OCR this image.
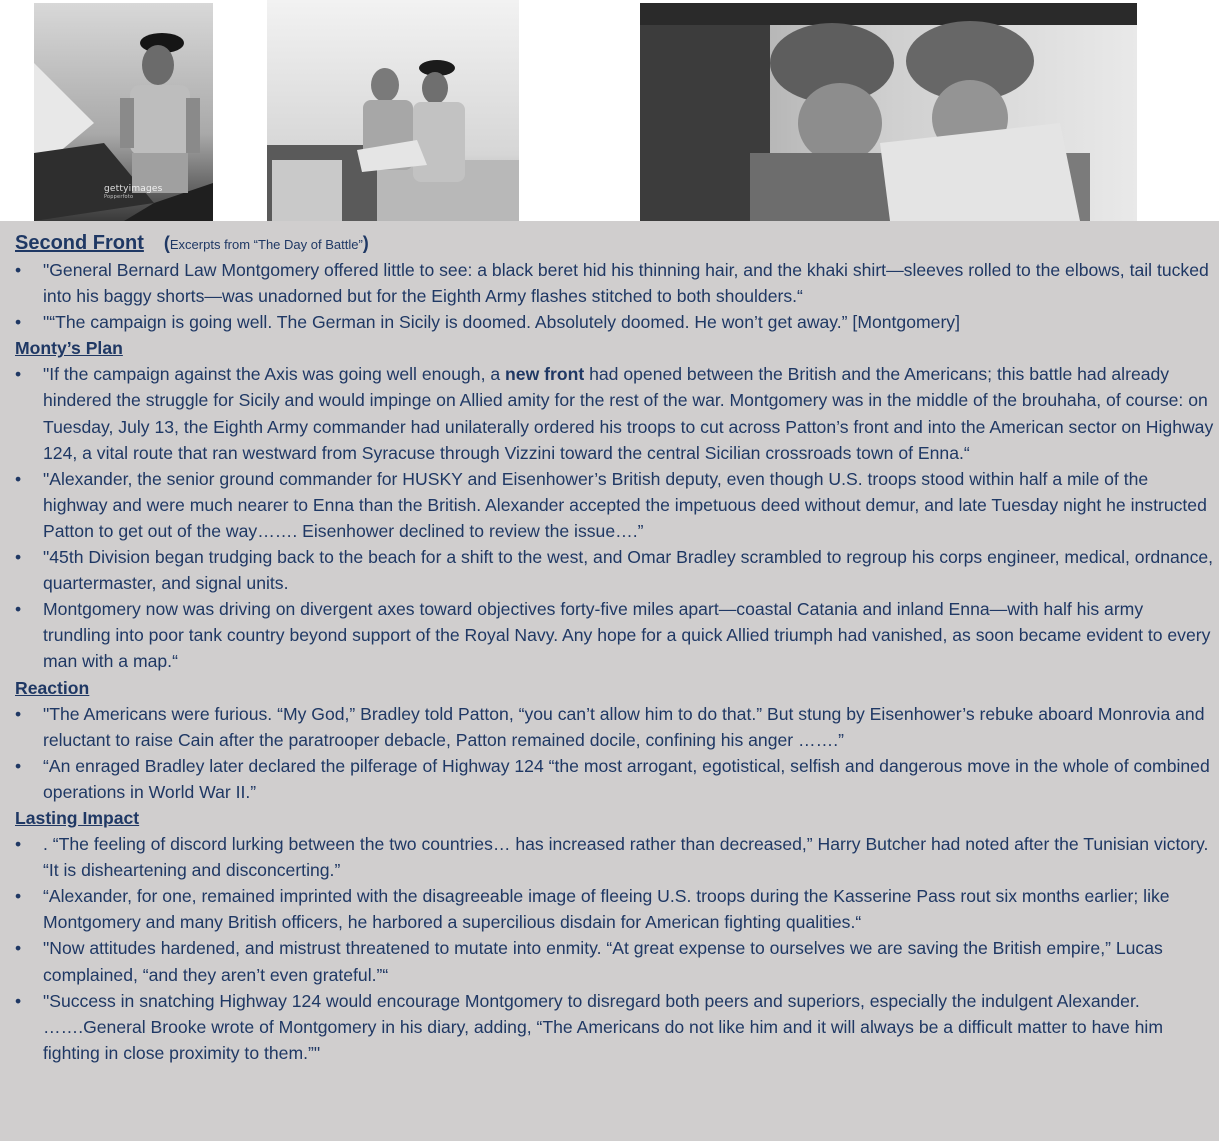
gettyimages
Popperfoto
Second Front (Excerpts from “The Day of Battle”)
• "General Bernard Law Montgomery offered little to see: a black beret hid his thinning hair, and the khaki shirt—sleeves rolled to the elbows, tail tucked into his baggy shorts—was unadorned but for the Eighth Army flashes stitched to both shoulders.“
• "“The campaign is going well. The German in Sicily is doomed. Absolutely doomed. He won’t get away.” [Montgomery]
Monty’s Plan
• "If the campaign against the Axis was going well enough, a new front had opened between the British and the Americans; this battle had already hindered the struggle for Sicily and would impinge on Allied amity for the rest of the war. Montgomery was in the middle of the brouhaha, of course: on Tuesday, July 13, the Eighth Army commander had unilaterally ordered his troops to cut across Patton’s front and into the American sector on Highway 124, a vital route that ran westward from Syracuse through Vizzini toward the central Sicilian crossroads town of Enna.“
• "Alexander, the senior ground commander for HUSKY and Eisenhower’s British deputy, even though U.S. troops stood within half a mile of the highway and were much nearer to Enna than the British. Alexander accepted the impetuous deed without demur, and late Tuesday night he instructed Patton to get out of the way……. Eisenhower declined to review the issue….”
• "45th Division began trudging back to the beach for a shift to the west, and Omar Bradley scrambled to regroup his corps engineer, medical, ordnance, quartermaster, and signal units.
• Montgomery now was driving on divergent axes toward objectives forty-five miles apart—coastal Catania and inland Enna—with half his army trundling into poor tank country beyond support of the Royal Navy. Any hope for a quick Allied triumph had vanished, as soon became evident to every man with a map.“
Reaction
• "The Americans were furious. “My God,” Bradley told Patton, “you can’t allow him to do that.” But stung by Eisenhower’s rebuke aboard Monrovia and reluctant to raise Cain after the paratrooper debacle, Patton remained docile, confining his anger …….”
• “An enraged Bradley later declared the pilferage of Highway 124 “the most arrogant, egotistical, selfish and dangerous move in the whole of combined operations in World War II.”
Lasting Impact
• . “The feeling of discord lurking between the two countries… has increased rather than decreased,” Harry Butcher had noted after the Tunisian victory. “It is disheartening and disconcerting.”
• “Alexander, for one, remained imprinted with the disagreeable image of fleeing U.S. troops during the Kasserine Pass rout six months earlier; like Montgomery and many British officers, he harbored a supercilious disdain for American fighting qualities.“
• "Now attitudes hardened, and mistrust threatened to mutate into enmity. “At great expense to ourselves we are saving the British empire,” Lucas complained, “and they aren’t even grateful.”“
• "Success in snatching Highway 124 would encourage Montgomery to disregard both peers and superiors, especially the indulgent Alexander. …….General Brooke wrote of Montgomery in his diary, adding, “The Americans do not like him and it will always be a difficult matter to have him fighting in close proximity to them.”"
